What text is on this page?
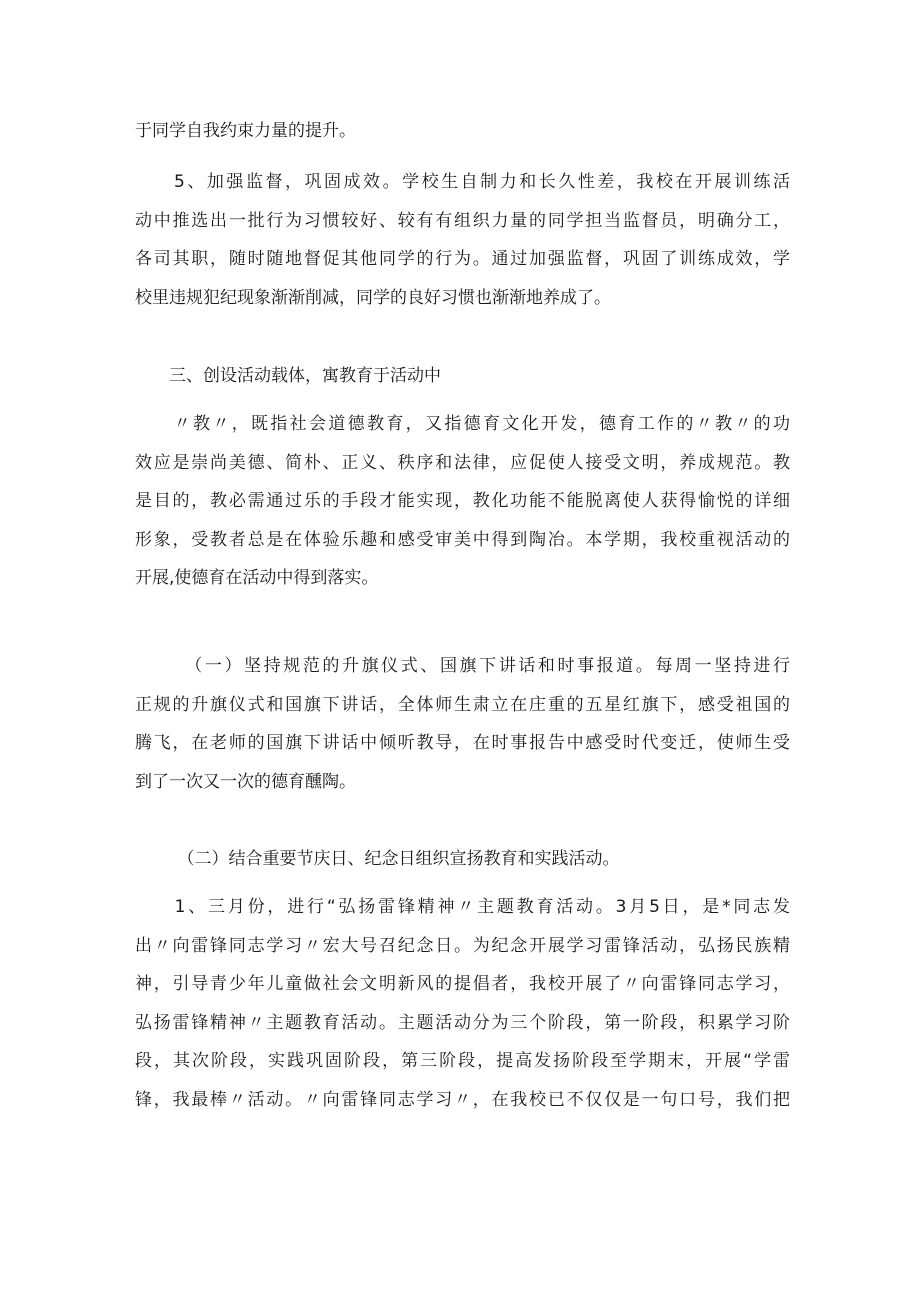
于同学自我约束力量的提升。
　　5、加强监督，巩固成效。学校生自制力和长久性差，我校在开展训练活
动中推选出一批行为习惯较好、较有有组织力量的同学担当监督员，明确分工，
各司其职，随时随地督促其他同学的行为。通过加强监督，巩固了训练成效，学
校里违规犯纪现象渐渐削减，同学的良好习惯也渐渐地养成了。
　　三、创设活动载体，寓教育于活动中
　　〃教〃，既指社会道德教育，又指德育文化开发，德育工作的〃教〃的功
效应是崇尚美德、简朴、正义、秩序和法律，应促使人接受文明，养成规范。教
是目的，教必需通过乐的手段才能实现，教化功能不能脱离使人获得愉悦的详细
形象，受教者总是在体验乐趣和感受审美中得到陶冶。本学期，我校重视活动的
开展,使德育在活动中得到落实。
　　　（一）坚持规范的升旗仪式、国旗下讲话和时事报道。每周一坚持进行
正规的升旗仪式和国旗下讲话，全体师生肃立在庄重的五星红旗下，感受祖国的
腾飞，在老师的国旗下讲话中倾听教导，在时事报告中感受时代变迁，使师生受
到了一次又一次的德育醺陶。
　　　（二）结合重要节庆日、纪念日组织宣扬教育和实践活动。
　　1、三月份，进行“弘扬雷锋精神〃主题教育活动。3月5日，是*同志发
出〃向雷锋同志学习〃宏大号召纪念日。为纪念开展学习雷锋活动，弘扬民族精
神，引导青少年儿童做社会文明新风的提倡者，我校开展了〃向雷锋同志学习，
弘扬雷锋精神〃主题教育活动。主题活动分为三个阶段，第一阶段，积累学习阶
段，其次阶段，实践巩固阶段，第三阶段，提高发扬阶段至学期末，开展“学雷
锋，我最棒〃活动。〃向雷锋同志学习〃，在我校已不仅仅是一句口号，我们把
